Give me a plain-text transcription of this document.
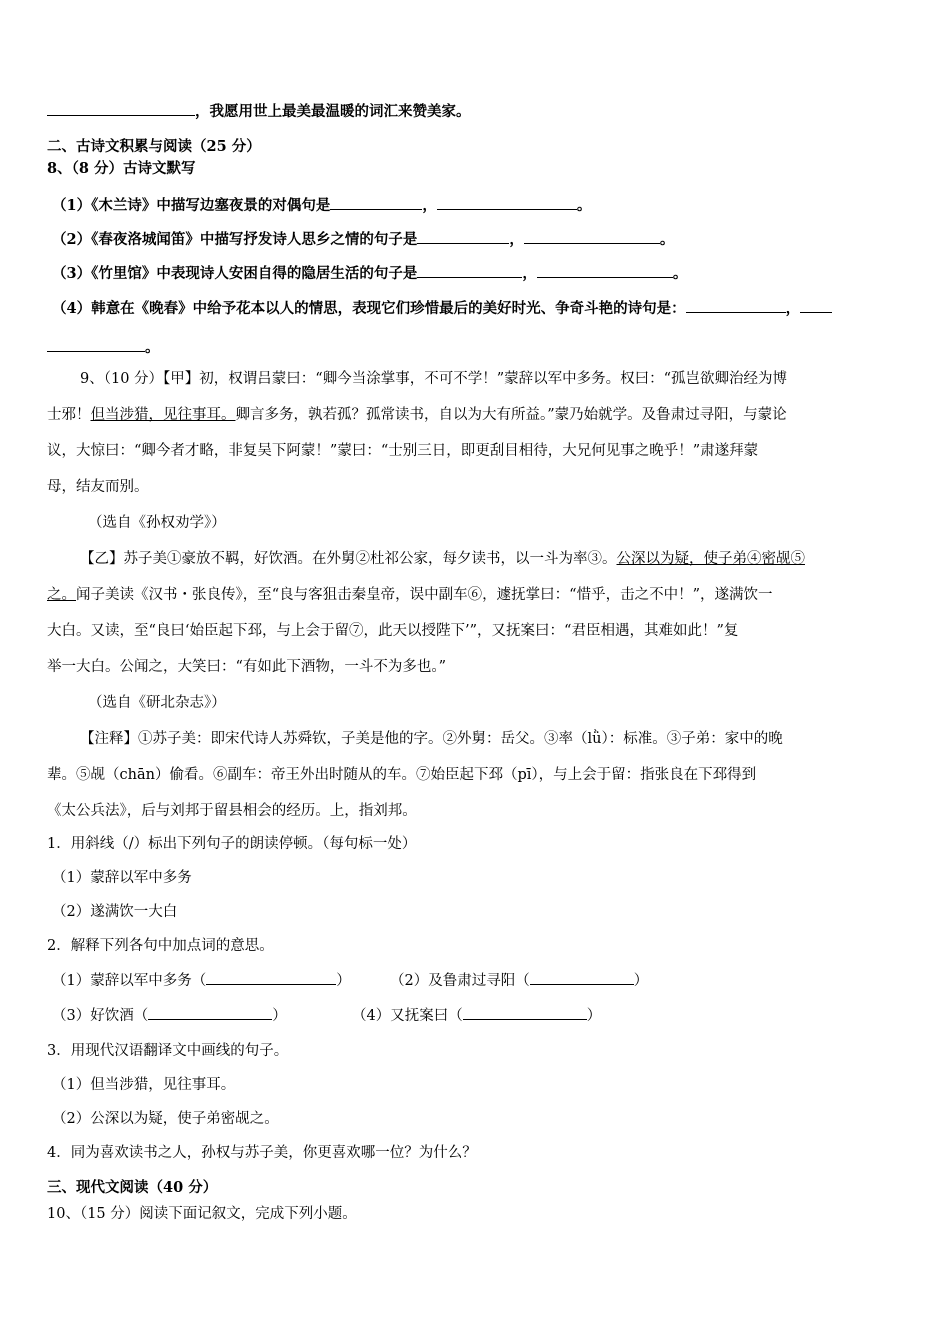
，我愿用世上最美最温暖的词汇来赞美家。
二、古诗文积累与阅读（25 分）
8、（8 分）古诗文默写
（1）《木兰诗》中描写边塞夜景的对偶句是	，	。
（2）《春夜洛城闻笛》中描写抒发诗人思乡之情的句子是	，	。
（3）《竹里馆》中表现诗人安困自得的隐居生活的句子是	，	。
（4）韩意在《晚春》中给予花本以人的情思，表现它们珍惜最后的美好时光、争奇斗艳的诗句是：	，
。
9、（10 分）【甲】初，权谓吕蒙曰：“卿今当涂掌事，不可不学！”蒙辞以军中多务。权曰：“孤岂欲卿治经为博
士邪！但当涉猎，见往事耳。卿言多务，孰若孤？孤常读书，自以为大有所益。”蒙乃始就学。及鲁肃过寻阳，与蒙论
议，大惊曰：“卿今者才略，非复吴下阿蒙！”蒙曰：“士别三日，即更刮目相待，大兄何见事之晚乎！”肃遂拜蒙
母，结友而别。
（选自《孙权劝学》）
【乙】苏子美①豪放不羁，好饮酒。在外舅②杜祁公家，每夕读书，以一斗为率③。公深以为疑，使子弟④密觇⑤
之。闻子美读《汉书・张良传》，至“良与客狙击秦皇帝，误中副车⑥，遽抚掌曰：“惜乎，击之不中！”，遂满饮一
大白。又读，至“良曰‘始臣起下邳，与上会于留⑦，此天以授陛下’”，又抚案曰：“君臣相遇，其难如此！”复
举一大白。公闻之，大笑曰：“有如此下酒物，一斗不为多也。”
（选自《研北杂志》）
【注释】①苏子美：即宋代诗人苏舜钦，子美是他的字。②外舅：岳父。③率（lǜ）：标准。③子弟：家中的晚
辈。⑤觇（chān）偷看。⑥副车：帝王外出时随从的车。⑦始臣起下邳（pī），与上会于留：指张良在下邳得到
《太公兵法》，后与刘邦于留县相会的经历。上，指刘邦。
1．用斜线（/）标出下列句子的朗读停顿。（每句标一处）
（1）蒙辞以军中多务
（2）遂满饮一大白
2．解释下列各句中加点词的意思。
（1）蒙辞以军中多务（	）	（2）及鲁肃过寻阳（	）
（3）好饮酒（	）	（4）又抚案曰（	）
3．用现代汉语翻译文中画线的句子。
（1）但当涉猎，见往事耳。
（2）公深以为疑，使子弟密觇之。
4．同为喜欢读书之人，孙权与苏子美，你更喜欢哪一位？为什么？
三、现代文阅读（40 分）
10、（15 分）阅读下面记叙文，完成下列小题。
